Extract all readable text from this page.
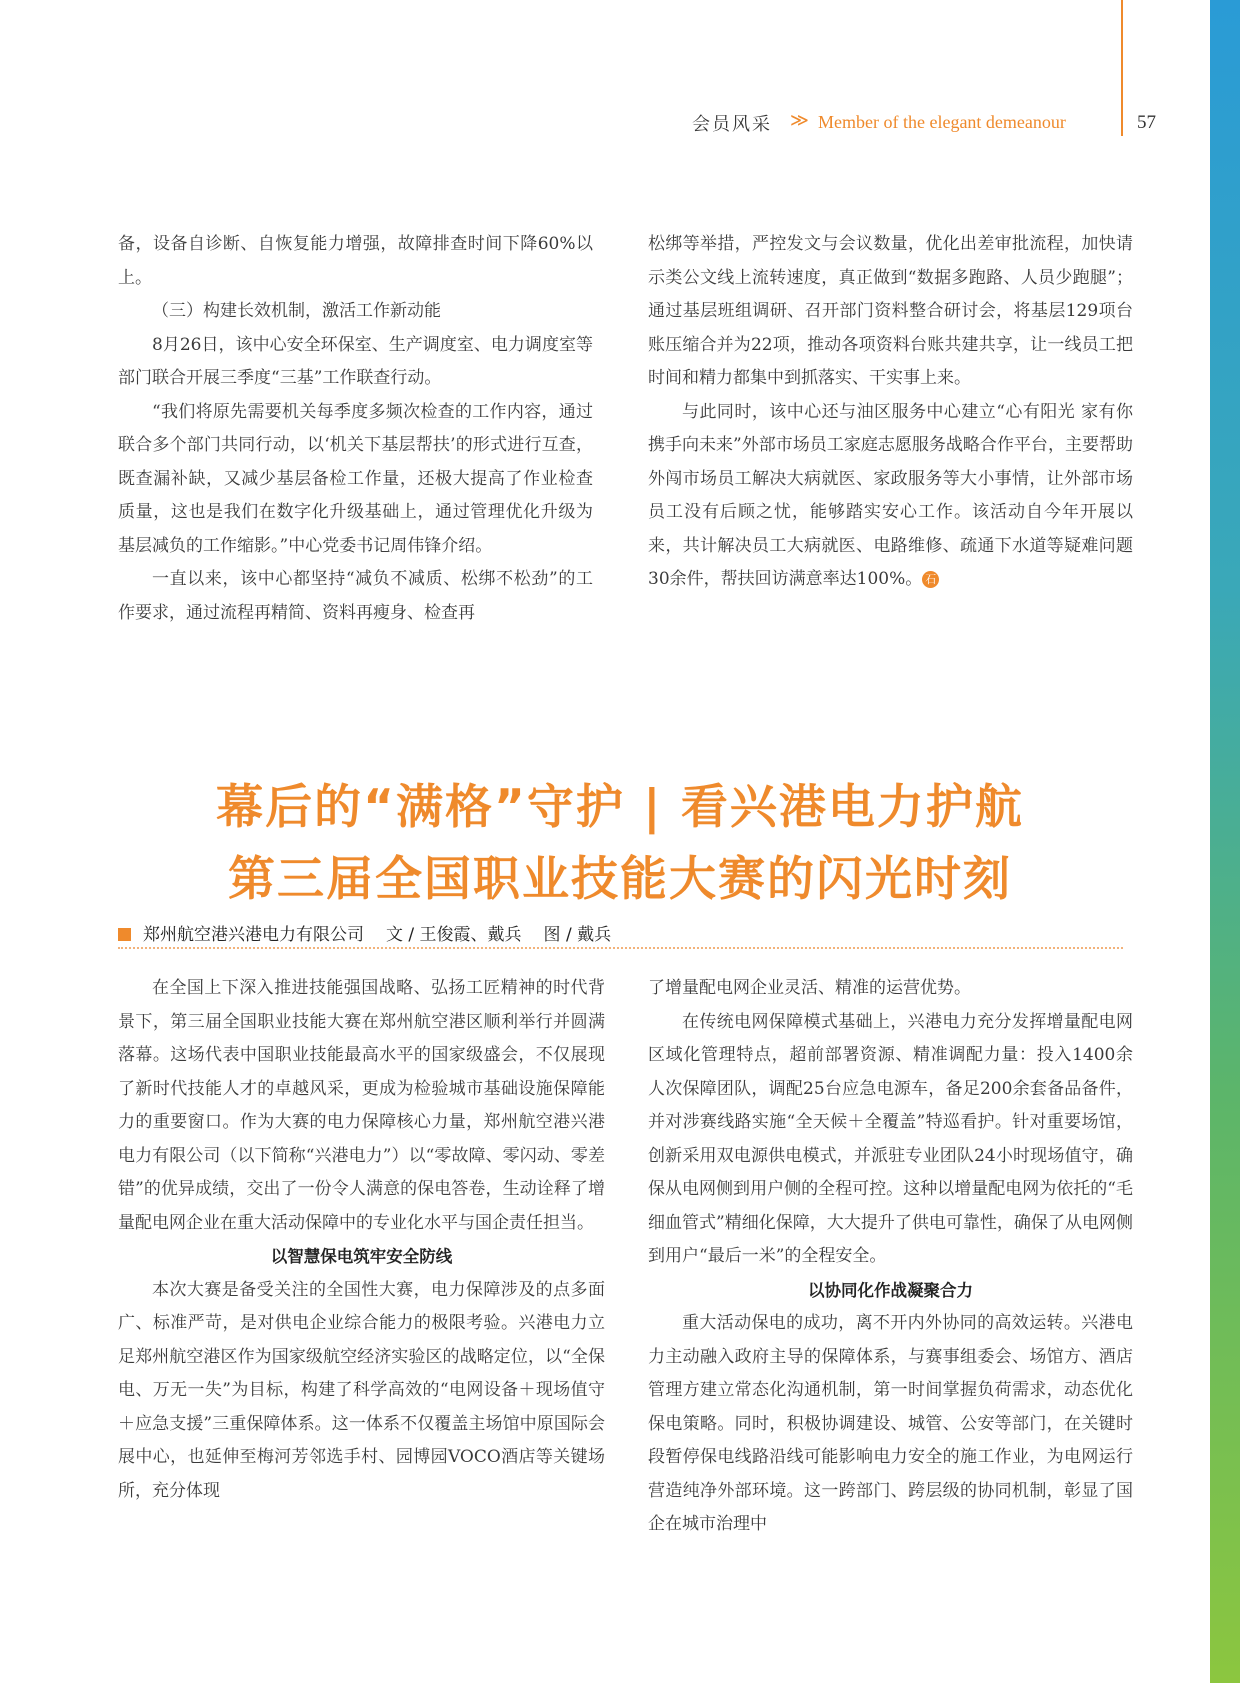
会员风采 ≫ Member of the elegant demeanour	57

备，设备自诊断、自恢复能力增强，故障排查时间下降60%以上。

（三）构建长效机制，激活工作新动能

8月26日，该中心安全环保室、生产调度室、电力调度室等部门联合开展三季度“三基”工作联查行动。

“我们将原先需要机关每季度多频次检查的工作内容，通过联合多个部门共同行动，以‘机关下基层帮扶’的形式进行互查，既查漏补缺，又减少基层备检工作量，还极大提高了作业检查质量，这也是我们在数字化升级基础上，通过管理优化升级为基层减负的工作缩影。”中心党委书记周伟锋介绍。

一直以来，该中心都坚持“减负不减质、松绑不松劲”的工作要求，通过流程再精简、资料再瘦身、检查再

松绑等举措，严控发文与会议数量，优化出差审批流程，加快请示类公文线上流转速度，真正做到“数据多跑路、人员少跑腿”；通过基层班组调研、召开部门资料整合研讨会，将基层129项台账压缩合并为22项，推动各项资料台账共建共享，让一线员工把时间和精力都集中到抓落实、干实事上来。

与此同时，该中心还与油区服务中心建立“心有阳光 家有你 携手向未来”外部市场员工家庭志愿服务战略合作平台，主要帮助外闯市场员工解决大病就医、家政服务等大小事情，让外部市场员工没有后顾之忧，能够踏实安心工作。该活动自今年开展以来，共计解决员工大病就医、电路维修、疏通下水道等疑难问题30余件，帮扶回访满意率达100%。 石

幕后的“满格”守护 | 看兴港电力护航
第三届全国职业技能大赛的闪光时刻
郑州航空港兴港电力有限公司 文 / 王俊霞、戴兵 图 / 戴兵

在全国上下深入推进技能强国战略、弘扬工匠精神的时代背景下，第三届全国职业技能大赛在郑州航空港区顺利举行并圆满落幕。这场代表中国职业技能最高水平的国家级盛会，不仅展现了新时代技能人才的卓越风采，更成为检验城市基础设施保障能力的重要窗口。作为大赛的电力保障核心力量，郑州航空港兴港电力有限公司（以下简称“兴港电力”）以“零故障、零闪动、零差错”的优异成绩，交出了一份令人满意的保电答卷，生动诠释了增量配电网企业在重大活动保障中的专业化水平与国企责任担当。

以智慧保电筑牢安全防线

本次大赛是备受关注的全国性大赛，电力保障涉及的点多面广、标准严苛，是对供电企业综合能力的极限考验。兴港电力立足郑州航空港区作为国家级航空经济实验区的战略定位，以“全保电、万无一失”为目标，构建了科学高效的“电网设备＋现场值守＋应急支援”三重保障体系。这一体系不仅覆盖主场馆中原国际会展中心，也延伸至梅河芳邻选手村、园博园VOCO酒店等关键场所，充分体现

了增量配电网企业灵活、精准的运营优势。

在传统电网保障模式基础上，兴港电力充分发挥增量配电网区域化管理特点，超前部署资源、精准调配力量：投入1400余人次保障团队，调配25台应急电源车，备足200余套备品备件，并对涉赛线路实施“全天候＋全覆盖”特巡看护。针对重要场馆，创新采用双电源供电模式，并派驻专业团队24小时现场值守，确保从电网侧到用户侧的全程可控。这种以增量配电网为依托的“毛细血管式”精细化保障，大大提升了供电可靠性，确保了从电网侧到用户“最后一米”的全程安全。

以协同化作战凝聚合力

重大活动保电的成功，离不开内外协同的高效运转。兴港电力主动融入政府主导的保障体系，与赛事组委会、场馆方、酒店管理方建立常态化沟通机制，第一时间掌握负荷需求，动态优化保电策略。同时，积极协调建设、城管、公安等部门，在关键时段暂停保电线路沿线可能影响电力安全的施工作业，为电网运行营造纯净外部环境。这一跨部门、跨层级的协同机制，彰显了国企在城市治理中
